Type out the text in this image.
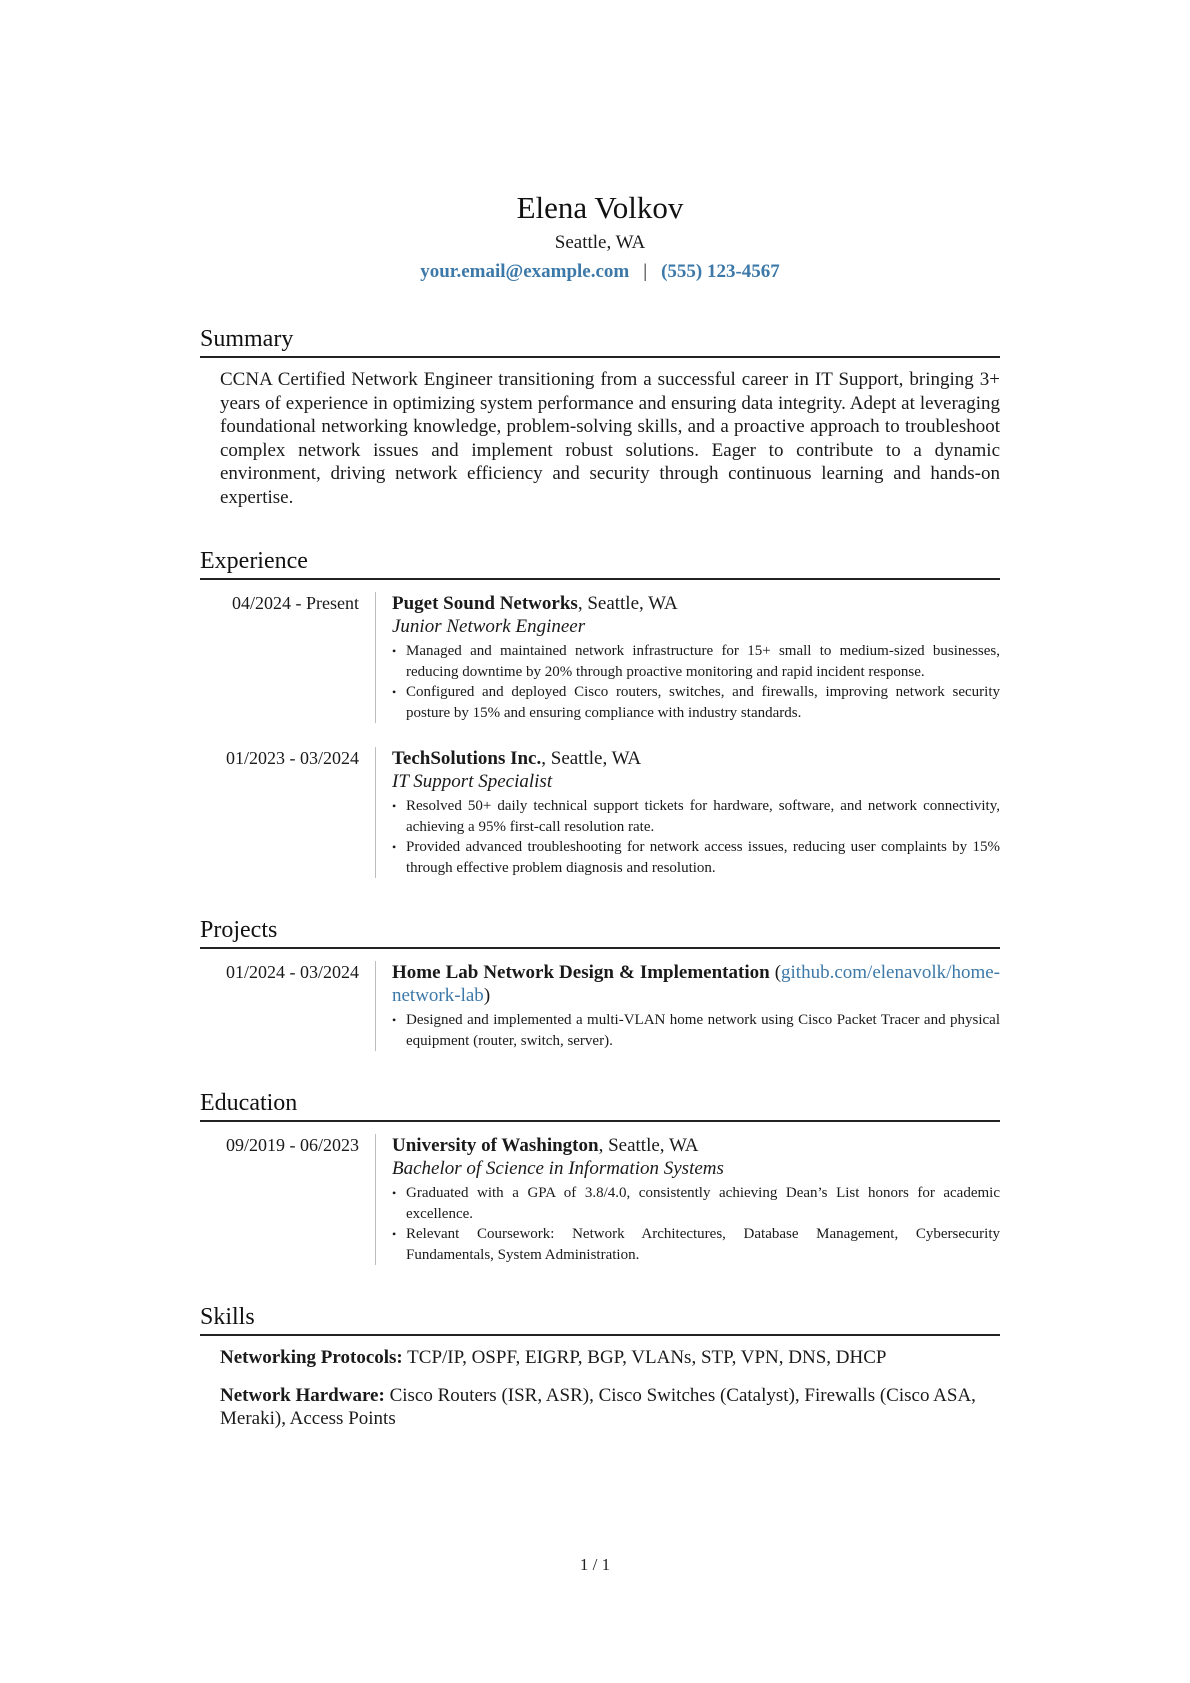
Elena Volkov
Seattle, WA
your.email@example.com | (555) 123-4567
Summary

CCNA Certified Network Engineer transitioning from a successful career in IT Support, bringing 3+ years of experience in optimizing system performance and ensuring data integrity. Adept at leveraging foundational networking knowledge, problem-solving skills, and a proactive approach to troubleshoot complex network issues and implement robust solutions. Eager to contribute to a dynamic environment, driving network efficiency and security through continuous learning and hands-on expertise.

Experience
04/2024 - Present	Puget Sound Networks, Seattle, WA
Junior Network Engineer
• Managed and maintained network infrastructure for 15+ small to medium-sized businesses, reducing downtime by 20% through proactive monitoring and rapid incident response.
• Configured and deployed Cisco routers, switches, and firewalls, improving network security posture by 15% and ensuring compliance with industry standards.
01/2023 - 03/2024	TechSolutions Inc., Seattle, WA
IT Support Specialist
• Resolved 50+ daily technical support tickets for hardware, software, and network connectivity, achieving a 95% first-call resolution rate.
• Provided advanced troubleshooting for network access issues, reducing user complaints by 15% through effective problem diagnosis and resolution.
Projects
01/2024 - 03/2024	Home Lab Network Design & Implementation (github.com/elenavolk/home-network-lab)
• Designed and implemented a multi-VLAN home network using Cisco Packet Tracer and physical equipment (router, switch, server).
Education
09/2019 - 06/2023	University of Washington, Seattle, WA
Bachelor of Science in Information Systems
• Graduated with a GPA of 3.8/4.0, consistently achieving Dean’s List honors for academic excellence.
• Relevant Coursework: Network Architectures, Database Management, Cybersecurity Fundamentals, System Administration.
Skills
Networking Protocols: TCP/IP, OSPF, EIGRP, BGP, VLANs, STP, VPN, DNS, DHCP
Network Hardware: Cisco Routers (ISR, ASR), Cisco Switches (Catalyst), Firewalls (Cisco ASA, Meraki), Access Points
1 / 1
